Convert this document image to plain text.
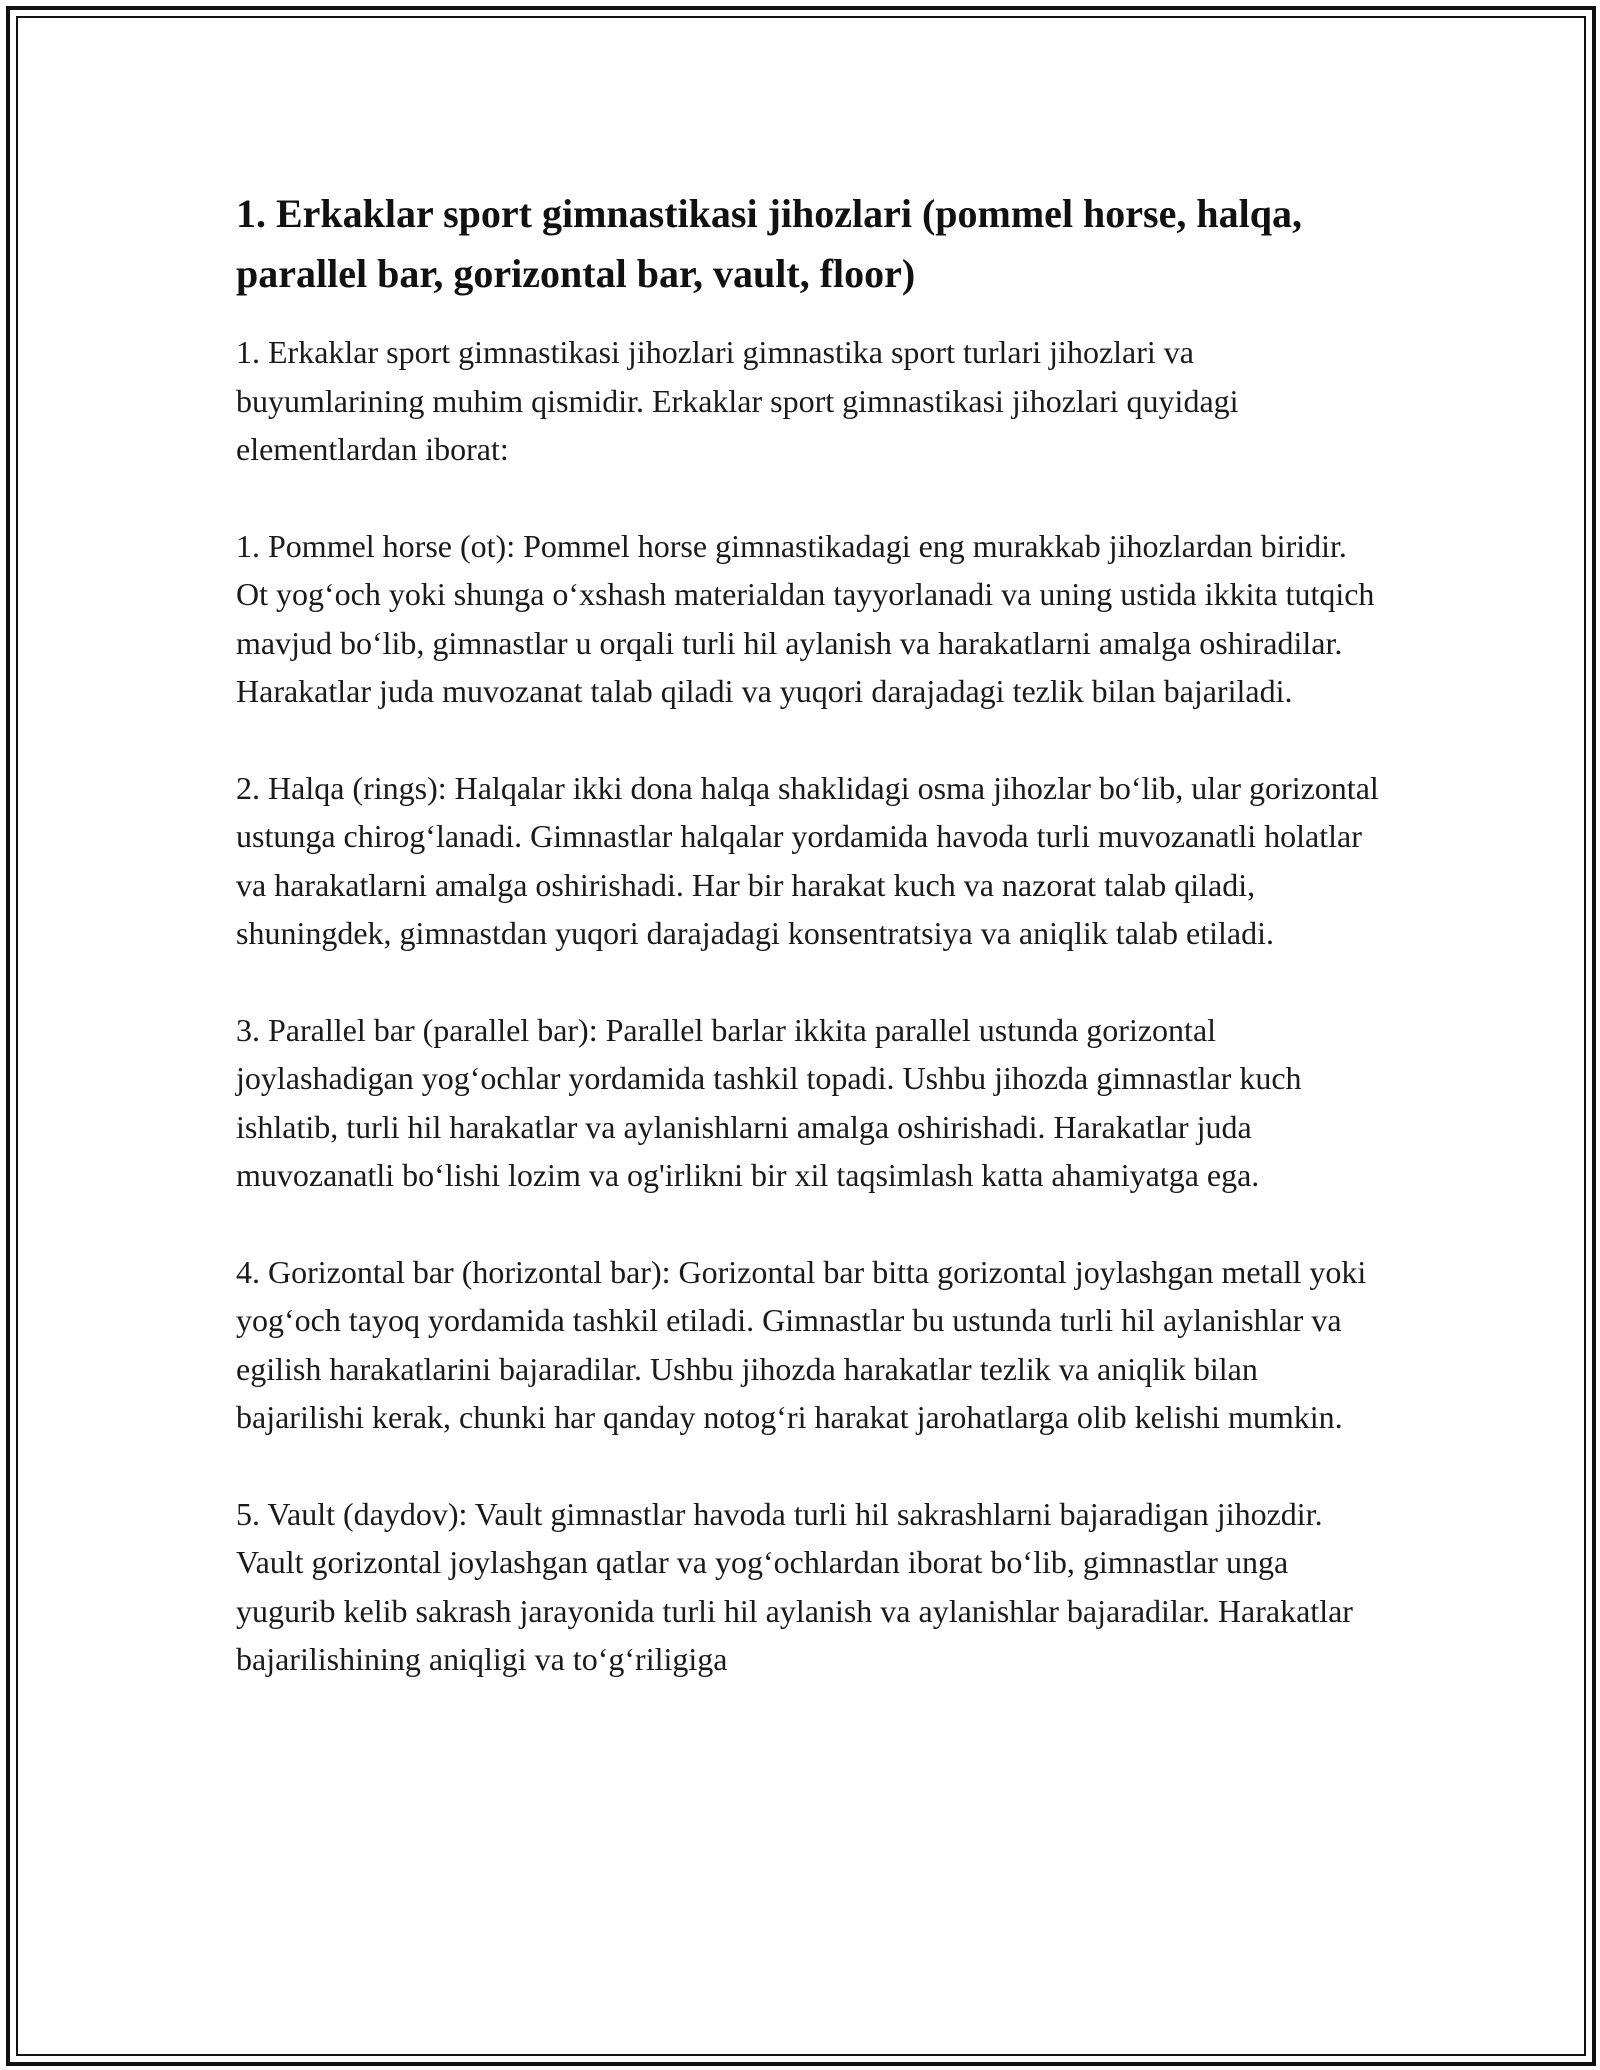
1. Erkaklar sport gimnastikasi jihozlari (pommel horse, halqa, parallel bar, gorizontal bar, vault, floor)

1. Erkaklar sport gimnastikasi jihozlari gimnastika sport turlari jihozlari va buyumlarining muhim qismidir. Erkaklar sport gimnastikasi jihozlari quyidagi elementlardan iborat:

1. Pommel horse (ot): Pommel horse gimnastikadagi eng murakkab jihozlardan biridir. Ot yog‘och yoki shunga o‘xshash materialdan tayyorlanadi va uning ustida ikkita tutqich mavjud bo‘lib, gimnastlar u orqali turli hil aylanish va harakatlarni amalga oshiradilar. Harakatlar juda muvozanat talab qiladi va yuqori darajadagi tezlik bilan bajariladi.

2. Halqa (rings): Halqalar ikki dona halqa shaklidagi osma jihozlar bo‘lib, ular gorizontal ustunga chirog‘lanadi. Gimnastlar halqalar yordamida havoda turli muvozanatli holatlar va harakatlarni amalga oshirishadi. Har bir harakat kuch va nazorat talab qiladi, shuningdek, gimnastdan yuqori darajadagi konsentratsiya va aniqlik talab etiladi.

3. Parallel bar (parallel bar): Parallel barlar ikkita parallel ustunda gorizontal joylashadigan yog‘ochlar yordamida tashkil topadi. Ushbu jihozda gimnastlar kuch ishlatib, turli hil harakatlar va aylanishlarni amalga oshirishadi. Harakatlar juda muvozanatli bo‘lishi lozim va og'irlikni bir xil taqsimlash katta ahamiyatga ega.

4. Gorizontal bar (horizontal bar): Gorizontal bar bitta gorizontal joylashgan metall yoki yog‘och tayoq yordamida tashkil etiladi. Gimnastlar bu ustunda turli hil aylanishlar va egilish harakatlarini bajaradilar. Ushbu jihozda harakatlar tezlik va aniqlik bilan bajarilishi kerak, chunki har qanday notog‘ri harakat jarohatlarga olib kelishi mumkin.

5. Vault (daydov): Vault gimnastlar havoda turli hil sakrashlarni bajaradigan jihozdir. Vault gorizontal joylashgan qatlar va yog‘ochlardan iborat bo‘lib, gimnastlar unga yugurib kelib sakrash jarayonida turli hil aylanish va aylanishlar bajaradilar. Harakatlar bajarilishining aniqligi va to‘g‘riligiga
